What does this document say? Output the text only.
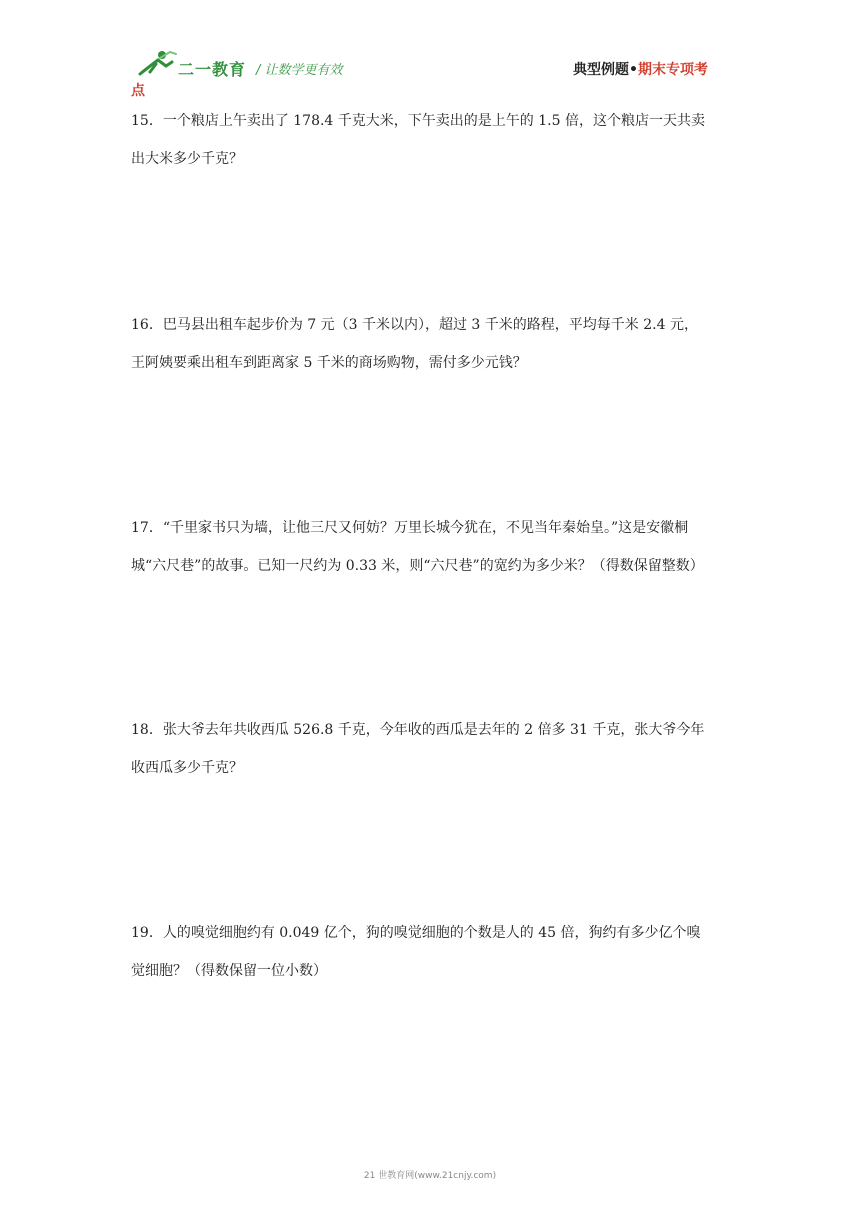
二一教育 / 让数学更有效	典型例题•期末专项考
点
15．一个粮店上午卖出了 178.4 千克大米，下午卖出的是上午的 1.5 倍，这个粮店一天共卖
出大米多少千克？
16．巴马县出租车起步价为 7 元（3 千米以内），超过 3 千米的路程，平均每千米 2.4 元，
王阿姨要乘出租车到距离家 5 千米的商场购物，需付多少元钱？
17．“千里家书只为墙，让他三尺又何妨？万里长城今犹在，不见当年秦始皇。”这是安徽桐
城“六尺巷”的故事。已知一尺约为 0.33 米，则“六尺巷”的宽约为多少米？（得数保留整数）
18．张大爷去年共收西瓜 526.8 千克，今年收的西瓜是去年的 2 倍多 31 千克，张大爷今年
收西瓜多少千克？
19．人的嗅觉细胞约有 0.049 亿个，狗的嗅觉细胞的个数是人的 45 倍，狗约有多少亿个嗅
觉细胞？（得数保留一位小数）
21 世教育网(www.21cnjy.com)
